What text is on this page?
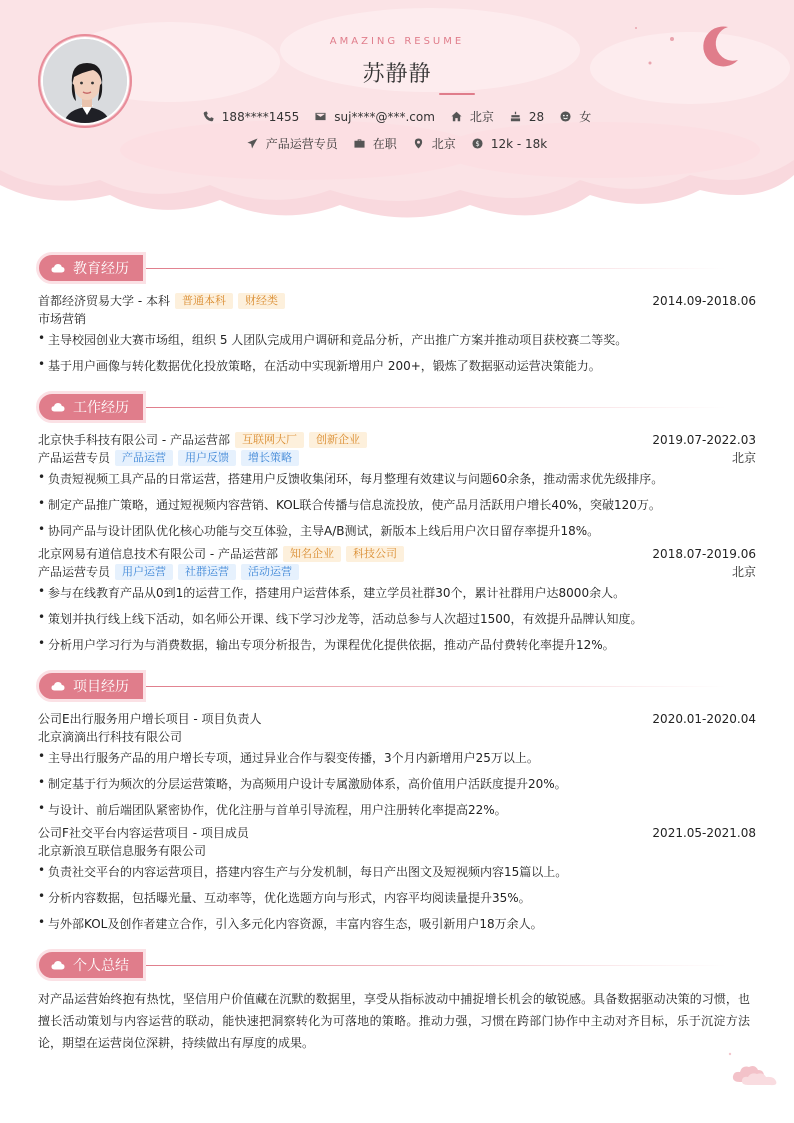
AMAZING RESUME
苏静静
188****1455	suj****@***.com	北京	28	女
产品运营专员	在职	北京	$ 12k - 18k
教育经历
首都经济贸易大学 - 本科	普通本科	财经类	2014.09-2018.06
市场营销
• 主导校园创业大赛市场组，组织 5 人团队完成用户调研和竞品分析，产出推广方案并推动项目获校赛二等奖。
• 基于用户画像与转化数据优化投放策略，在活动中实现新增用户 200+，锻炼了数据驱动运营决策能力。
工作经历
北京快手科技有限公司 - 产品运营部	互联网大厂	创新企业	2019.07-2022.03
产品运营专员	产品运营	用户反馈	增长策略	北京
• 负责短视频工具产品的日常运营，搭建用户反馈收集闭环，每月整理有效建议与问题60余条，推动需求优先级排序。
• 制定产品推广策略，通过短视频内容营销、KOL联合传播与信息流投放，使产品月活跃用户增长40%，突破120万。
• 协同产品与设计团队优化核心功能与交互体验，主导A/B测试，新版本上线后用户次日留存率提升18%。
北京网易有道信息技术有限公司 - 产品运营部	知名企业	科技公司	2018.07-2019.06
产品运营专员	用户运营	社群运营	活动运营	北京
• 参与在线教育产品从0到1的运营工作，搭建用户运营体系，建立学员社群30个，累计社群用户达8000余人。
• 策划并执行线上线下活动，如名师公开课、线下学习沙龙等，活动总参与人次超过1500，有效提升品牌认知度。
• 分析用户学习行为与消费数据，输出专项分析报告，为课程优化提供依据，推动产品付费转化率提升12%。
项目经历
公司E出行服务用户增长项目 - 项目负责人	2020.01-2020.04
北京滴滴出行科技有限公司
• 主导出行服务产品的用户增长专项，通过异业合作与裂变传播，3个月内新增用户25万以上。
• 制定基于行为频次的分层运营策略，为高频用户设计专属激励体系，高价值用户活跃度提升20%。
• 与设计、前后端团队紧密协作，优化注册与首单引导流程，用户注册转化率提高22%。
公司F社交平台内容运营项目 - 项目成员	2021.05-2021.08
北京新浪互联信息服务有限公司
• 负责社交平台的内容运营项目，搭建内容生产与分发机制，每日产出图文及短视频内容15篇以上。
• 分析内容数据，包括曝光量、互动率等，优化选题方向与形式，内容平均阅读量提升35%。
• 与外部KOL及创作者建立合作，引入多元化内容资源，丰富内容生态，吸引新用户18万余人。
个人总结
对产品运营始终抱有热忱，坚信用户价值藏在沉默的数据里，享受从指标波动中捕捉增长机会的敏锐感。具备数据驱动决策的习惯，也擅长活动策划与内容运营的联动，能快速把洞察转化为可落地的策略。推动力强，习惯在跨部门协作中主动对齐目标，乐于沉淀方法论，期望在运营岗位深耕，持续做出有厚度的成果。
